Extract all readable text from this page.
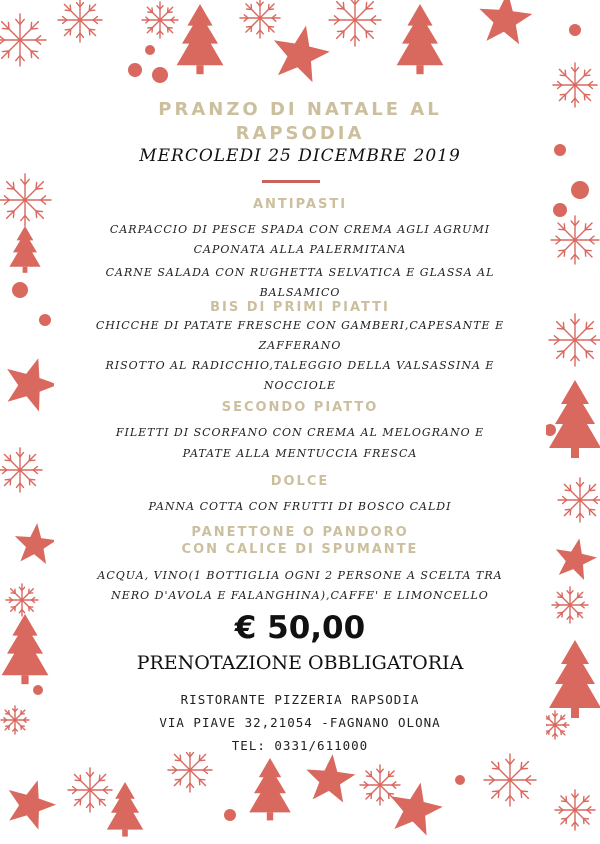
PRANZO DI NATALE AL
RAPSODIA
MERCOLEDI 25 DICEMBRE 2019
ANTIPASTI
CARPACCIO DI PESCE SPADA CON CREMA AGLI AGRUMI
CAPONATA ALLA PALERMITANA
CARNE SALADA CON RUGHETTA SELVATICA E GLASSA AL
BALSAMICO
BIS DI PRIMI PIATTI
CHICCHE DI PATATE FRESCHE CON GAMBERI,CAPESANTE E
ZAFFERANO
RISOTTO AL RADICCHIO,TALEGGIO DELLA VALSASSINA E
NOCCIOLE
SECONDO PIATTO
FILETTI DI SCORFANO CON CREMA AL MELOGRANO E
PATATE ALLA MENTUCCIA FRESCA
DOLCE
PANNA COTTA CON FRUTTI DI BOSCO CALDI
PANETTONE O PANDORO
CON CALICE DI SPUMANTE
ACQUA, VINO(1 BOTTIGLIA OGNI 2 PERSONE A SCELTA TRA
NERO D'AVOLA E FALANGHINA),CAFFE' E LIMONCELLO
€ 50,00
PRENOTAZIONE OBBLIGATORIA
RISTORANTE PIZZERIA RAPSODIA
VIA PIAVE 32,21054 -FAGNANO OLONA
TEL: 0331/611000
